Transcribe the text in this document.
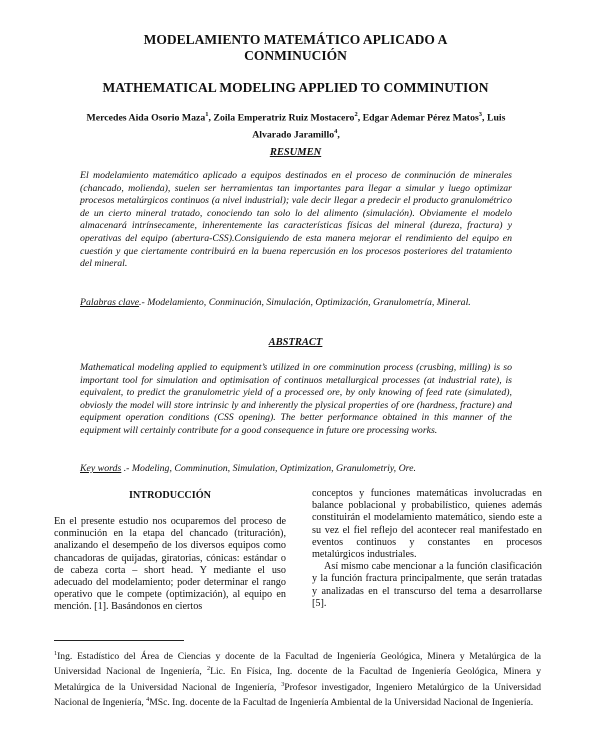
MODELAMIENTO MATEMÁTICO APLICADO A
CONMINUCIÓN
MATHEMATICAL MODELING APPLIED TO COMMINUTION
Mercedes Aida Osorio Maza$^1$, Zoila Emperatriz Ruiz Mostacero$^2$, Edgar Ademar Pérez Matos$^3$, Luis Alvarado Jaramillo$^4$,
RESUMEN
El modelamiento matemático aplicado a equipos destinados en el proceso de conminución de minerales (chancado, molienda), suelen ser herramientas tan importantes para llegar a simular y luego optimizar procesos metalúrgicos continuos (a nivel industrial); vale decir llegar a predecir el producto granulométrico de un cierto mineral tratado, conociendo tan solo lo del alimento (simulación). Obviamente el modelo almacenará intrínsecamente, inherentemente las características físicas del mineral (dureza, fractura) y operativas del equipo (abertura-CSS).Consiguiendo de esta manera mejorar el rendimiento del equipo en cuestión y que ciertamente contribuirá en la buena repercusión en los procesos posteriores del tratamiento del mineral.
Palabras clave.- Modelamiento, Conminución, Simulación, Optimización, Granulometría, Mineral.
ABSTRACT
Mathematical modeling applied to equipment’s utilized in ore comminution process (crusbing, milling) is so important tool for simulation and optimisation of continuos metallurgical processes (at industrial rate), is equivalent, to predict the granulometric yield of a processed ore, by only knowing of feed rate (simulated), obviosly the model will store intrinsic ly and inherently the plysical properties of ore (hardness, fracture) and equipment operation conditions (CSS opening). The better performance obtained in this manner of the equipment will certainly contribute for a good consequence in future ore processing works.
Key words .- Modeling, Comminution, Simulation, Optimization, Granulometriy, Ore.
INTRODUCCIÓN
En el presente estudio nos ocuparemos del proceso de conminución en la etapa del chancado (trituración), analizando el desempeño de los diversos equipos como chancadoras de quijadas, giratorias, cónicas: estándar o de cabeza corta – short head. Y mediante el uso adecuado del modelamiento; poder determinar el rango operativo que le compete (optimización), al equipo en mención. [1]. Basándonos en ciertos
conceptos y funciones matemáticas involucradas en balance poblacional y probabilístico, quienes además constituirán el modelamiento matemático, siendo este a su vez el fiel reflejo del acontecer real manifestado en eventos continuos y constantes en procesos metalúrgicos industriales.
Así mismo cabe mencionar a la función clasificación y la función fractura principalmente, que serán tratadas y analizadas en el transcurso del tema a desarrollarse [5].
$^1$Ing. Estadístico del Área de Ciencias y docente de la Facultad de Ingeniería Geológica, Minera y Metalúrgica de la Universidad Nacional de Ingeniería, $^2$Lic. En Física, Ing. docente de la Facultad de Ingeniería Geológica, Minera y Metalúrgica de la Universidad Nacional de Ingeniería, $^3$Profesor investigador, Ingeniero Metalúrgico de la Universidad Nacional de Ingeniería, $^4$MSc. Ing. docente de la Facultad de Ingeniería Ambiental de la Universidad Nacional de Ingeniería.
